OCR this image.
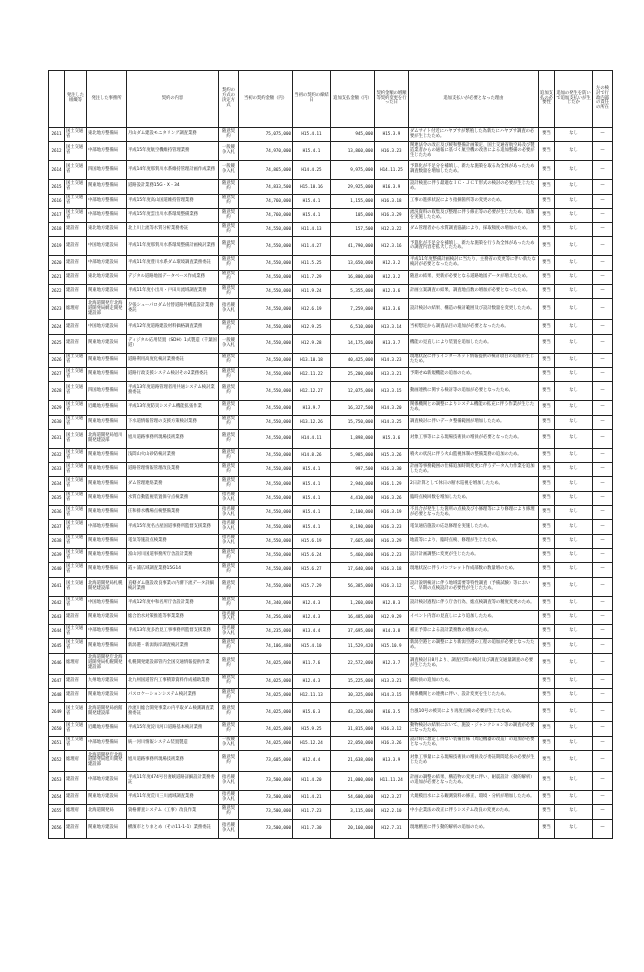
	発注した組織等	発注した事務所	契約の内容	契約の方式の決定方式	当初の契約金額（円）	当初の契約の締結日	追加支払金額（円）	契約金額の増額等契約変更を行った日	追加支払いが必要となった理由	追加支払の必要性	追加の発生を防いで追加支払いが生じたか	左の検討で行政内部の責任の所在
2611	国土交通省	東北地方整備局	月山ダム建設モニタリング調査業務	随意契約	75,075,000	H15.4.11	945,000	H15.3.9	ダムサイト付近にハヤブサが繁殖した為新たにハヤブサ調査の必要が生じたため。	要当	なし	—
2612	国土交通省	中部地方整備局	平成15年度航空機維持管理業務	一般競争入札	74,970,000	H15.4.1	13,860,000	H16.3.23	関連法令の改正及び緩和整備計画策定、国土交通省航空局及び製造業者からの通報に基づく航空機の改善による追加整備の必要が生じたため	要当	なし	—
2614	国土交通省	四国地方整備局	平成14年度那賀川水系維持管理計画作成業務	一般競争入札	74,865,000	H14.4.25	9,975,000	H14.11.25	予算化が不足分を補填し、新たな施策を取る為全体があったため調査数量を増加したため。	要当	なし	—
2615	国土交通省	関東地方整備局	道路設計業務15G・X・34	随意契約	74,833,500	H15.10.16	29,925,000	H16.3.9	設計検査に伴う最適なＩＣ・ＪＣＴ形式の検討の必要が生じたため。	要当	なし	—
2616	国土交通省	中部地方整備局	平成15年度高山国道維持管理業務	随意契約	74,760,000	H15.4.1	1,155,000	H16.3.18	工事の進捗状況により指摘箇所等の変更のため。	要当	なし	—
2617	国土交通省	中部地方整備局	平成15年度雲出川水系環境整備業務	随意契約	74,760,000	H15.4.1	105,000	H16.3.29	流況資料の収集及び整理に伴う修正等の必要が生じたため、追加を実施したため。	要当	なし	—
2618	建設省	東北地方建設局	北上川上流等水質分析業務委託	随意契約	74,550,000	H11.4.13	157,500	H12.3.22	ダム管理者から水質調査協議により、採取頻度の増加のため。	要当	なし	—
2619	建設省	中国地方建設局	平成11年度那賀川水系環境整備計画検討業務	随意契約	74,550,000	H11.4.27	41,790,000	H12.3.16	予算化が不足分を補填し、新たな施策を行う為全体があったための調査内容を拡大したため。	要当	なし	—
2620	建設省	中部地方建設局	平成11年度豊川水系ダム環境調査業務委託	随意契約	74,550,000	H11.5.25	13,650,000	H12.3.2	平成11年度整備計画検討に当たり、主務省の変更等に伴い新たな検討が必要となったため。	要当	なし	—
2621	建設省	東北地方建設局	デジタル道路地図データベース作成業務	随意契約	74,550,000	H11.7.29	16,800,000	H12.3.2	随意の結果、更新が必要となる道路地図データが増えたため。	要当	なし	—
2622	建設省	関東地方建設局	平成11年度小出川・戸田川流域調査業務	随意契約	74,550,000	H11.9.24	5,355,000	H12.3.6	計画立案調査の結果、調査地点数の増加が必要となったため。	要当	なし	—
2623	総理府	北海道開発庁北海道開発局網走開発建設部	夕張シューパロダム付替道路外構造設計業務委託	指名競争入札	74,550,000	H12.6.19	7,259,000	H13.3.6	設計検討の結果、構造の検討範囲及び設計数量を変更したため。	要当	なし	—
2624	建設省	中国地方建設局	平成12年度道路建設材料価格調査業務	随意契約	74,550,000	H12.9.25	6,510,000	H13.3.14	当初想定から調査品目の追加が必要となったため。	要当	なし	—
2625	建設省	関東地方建設局	ディジタル応用装置（SDH）1式製造（千葉国道）	一般競争入札	74,550,000	H12.9.28	14,175,000	H13.3.7	機能の見直しにより装置を追加したため。	要当	なし	—
2626	国土交通省	関東地方整備局	道路利用高度化検討業務委託	随意契約	74,550,000	H13.10.18	40,425,000	H14.3.23	現地状況に伴うインターネット情報提供の検討項目の追加が生じたため。	要当	なし	—
2627	国土交通省	関東地方整備局	道路行政支援システム検討その2業務委託	随意契約	74,550,000	H12.11.22	25,200,000	H13.3.21	予期せぬ新規機能の追加のため。	要当	なし	—
2628	国土交通省	四国地方整備局	平成13年度道路管理者用共通システム検討業務委託	随意契約	74,550,000	H12.12.27	12,075,000	H13.3.15	動画連携に関する検討等の追加が必要となったため。	要当	なし	—
2629	国土交通省	近畿地方整備局	平成13年度防災システム機能拡張作業	随意契約	74,550,000	H13.9.7	16,327,500	H14.3.20	関係機関との調整によりシステム機能の拡充に伴う作業が生じたため。	要当	なし	—
2630	国土交通省	関東地方整備局	下水道情報管理の支援方策検討業務	随意契約	74,550,000	H13.12.26	15,750,000	H14.3.25	調査検討に伴いデータ整備範囲が増加したため。	要当	なし	—
2631	国土交通省	北海道開発局旭川開発建設部	旭川道路事務所現場技術業務	随意契約	74,550,000	H14.4.11	1,898,000	H15.3.6	対象工事等による現場技術員の増員が必要となったため。	要当	なし	—
2632	国土交通省	関東地方整備局	浅間山火山砂防検討業務	随意契約	74,550,000	H14.8.26	5,985,000	H15.3.26	噴火の状況に伴う火山監視体制の整備業務の追加のため。	要当	なし	—
2633	国土交通省	関東地方整備局	道路管理情報管理改良業務	随意契約	74,550,000	H15.4.1	997,500	H16.3.30	計画等事務範囲の仕様追加時期変更に伴うデータ入力作業を追加したため。	要当	なし	—
2634	国土交通省	関東地方整備局	ダム管理連絡業務	随意契約	74,550,000	H15.4.1	2,940,000	H16.1.29	2日計算として休日の断水巡視を増加したため。	要当	なし	—
2635	国土交通省	関東地方整備局	水質自動監視装置保守点検業務	指名競争入札	74,550,000	H15.4.1	4,410,000	H16.3.26	臨時点検回数を増加したため。	要当	なし	—
2636	国土交通省	関東地方整備局	庄和排水機場点検整備業務	指名競争入札	74,550,000	H15.4.1	2,100,000	H16.3.19	不具合が発生した箇所の点検及び小修理等により修理により修理が必要となったため。	要当	なし	—
2637	国土交通省	中部地方整備局	平成15年度名古屋国道事務所監督支援業務	指名競争入札	74,550,000	H15.4.1	8,190,000	H16.3.23	電気通信施設の応急修理を実施したため。	要当	なし	—
2638	国土交通省	関東地方整備局	電気等施設点検業務	指名競争入札	74,550,000	H15.6.19	7,665,000	H16.3.29	地震等により、臨時点検、修理が生じたため。	要当	なし	—
2639	国土交通省	関東地方整備局	富山河川国道事務所庁舎設計業務	随意契約	74,550,000	H15.6.24	5,460,000	H16.2.23	設計計画調整に変更が生じたため。	要当	なし	—
2640	国土交通省	関東地方整備局	霞ヶ浦広域調査業務15G14	随意契約	74,550,000	H15.6.27	17,640,000	H16.3.18	現地状況に伴うパンフレット作成部数の数量増のため。	要当	なし	—
2641	国土交通省	北海道開発局札幌開発建設部	直轄ダム施設改良事業の内審下流データ詳細検討業務	随意契約	74,550,000	H15.7.29	56,385,000	H16.3.12	設計説明検討に伴う地域需要等特性調査（予備試験）等において、早期の点検設計の必要性が生じたため。	要当	なし	—
2642	国土交通省	中国地方整備局	平成12年度中和名所庁舎設計業務	随意契約	74,340,000	H12.4.3	1,260,000	H12.8.3	設計検討過程に伴う庁舎行為、総点検調査等の精度変更のため。	要当	なし	—
2643	建設省	関東地方建設局	総合治水対策推進等事業業務	指名競争入札	74,256,000	H12.4.3	16,485,000	H12.9.29	イベント内容の見直しにより追加したため。	要当	なし	—
2644	国土交通省	中部地方整備局	平成13年度多治見工事事務所監督支援業務	指名競争入札	74,235,000	H13.4.4	37,695,000	H14.3.8	補正予算による設計業務数の増加のため。	要当	なし	—
2645	国土交通省	関東地方整備局	新潟港・新潟海岸調査検討業務	随意契約	74,106,480	H15.4.10	11,529,420	H15.10.9	新潟空港との調整により新潟空港の工程の追加が必要となったため。	要当	なし	—
2646	総理府	北海道開発庁北海道開発局札幌開発建設部	札幌開発建設部管内全国交通情報提供作業	随意契約	74,025,000	H11.7.6	22,572,000	H12.3.7	調査検討日8月より、調査区間の検討及び調査交通量調査の必要が生じたため。	要当	なし	—
2647	建設省	九州地方建設局	北九州国道管内工事積算資料作成補助業務	随意契約	74,025,000	H12.4.3	15,225,000	H13.3.21	補助員の追加のため。	要当	なし	—
2648	建設省	関東地方建設局	パスロケーションシステム検討業務	随意契約	74,025,000	H12.11.13	30,325,000	H14.3.15	関係機関との連携に伴い、設計変更を生じたため。	要当	なし	—
2649	国土交通省	北海道開発局函館開発建設部	沙流川総合開発事業の内平取ダム検測調査業務委託	随意契約	74,025,000	H15.6.3	43,326,000	H16.3.5	台風10号の被災により再度点検の必要が生じたため。	要当	なし	—
2650	国土交通省	近畿地方整備局	平成15年度淀川河口道路基本検討業務	随意契約	74,025,000	H15.9.25	31,815,000	H16.3.12	動物検討の結果において、施設・ジャンクション等の調査が必要になったため。	要当	なし	—
2651	国土交通省	中部地方整備局	統一河川情報システム装置製造	一般競争入札	74,025,000	H15.12.24	22,050,000	H16.3.26	設計時に想定し得ない装備仕様（周辺機器の改造）の追加が必要となったため。	要当	なし	—
2652	総理府	北海道開発庁北海道開発局旭川開発建設部	旭川道路事務所現場技術業務	随意契約	73,605,000	H12.4.4	21,638,000	H13.3.9	対象工事量による現場技術員の増員及び委託期間延長の必要が生じたため	要当	なし	—
2653	建設省	中部地方建設局	平成11年度474号吾妻峡道路詳細設計業務委託	指名競争入札	73,500,000	H11.4.20	21,000,000	H11.11.24	計画の調整の結果、構造物の変更に伴い、耐震設計（動的解析）の追加が必要となったため。	要当	なし	—
2654	建設省	関東地方建設局	平成11年度荒川三川流域調査業務	指名競争入札	73,500,000	H11.4.21	54,600,000	H12.3.27	大規模出水による観測資料の修正、環境・分析が増加したため。	要当	なし	—
2655	総理府	北海道開発局	資格審査システム（工事）改良作業	随意契約	73,500,000	H11.7.23	3,115,000	H12.2.10	中小企業法の改正に伴うシステム改良の変更のため。	要当	なし	—
2656	建設省	関東地方建設局	横濱市とりまとめ（その11-1-1）業務委託	指名競争入札	73,500,000	H11.7.30	20,160,000	H12.7.31	現地精査に伴う動的解析の追加のため。	要当	なし	—
